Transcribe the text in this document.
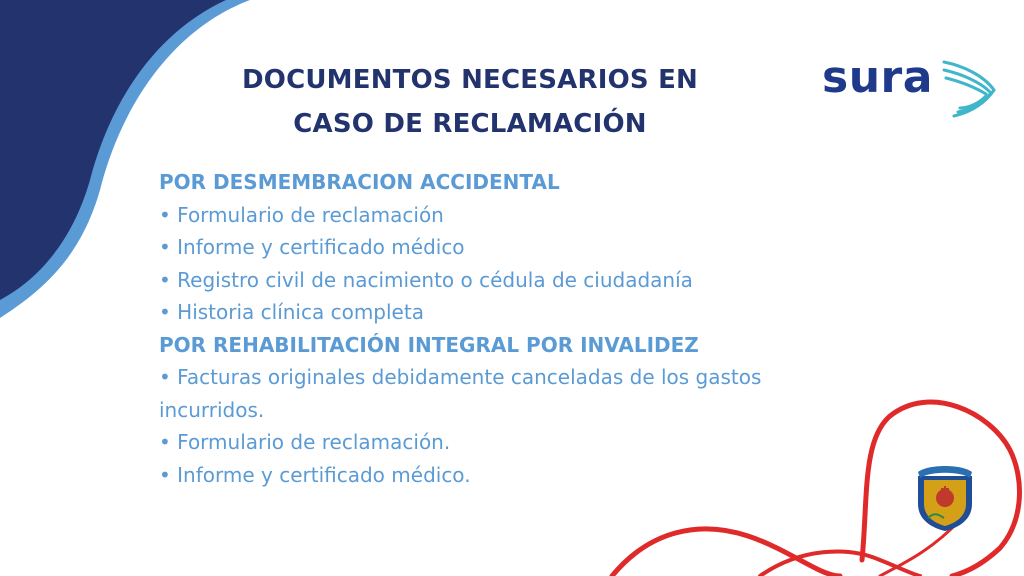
DOCUMENTOS NECESARIOS EN
CASO DE RECLAMACIÓN
sura
POR DESMEMBRACION ACCIDENTAL
• Formulario de reclamación
• Informe y certificado médico
• Registro civil de nacimiento o cédula de ciudadanía
• Historia clínica completa
POR REHABILITACIÓN INTEGRAL POR INVALIDEZ
• Facturas originales debidamente canceladas de los gastos incurridos.
• Formulario de reclamación.
• Informe y certificado médico.
